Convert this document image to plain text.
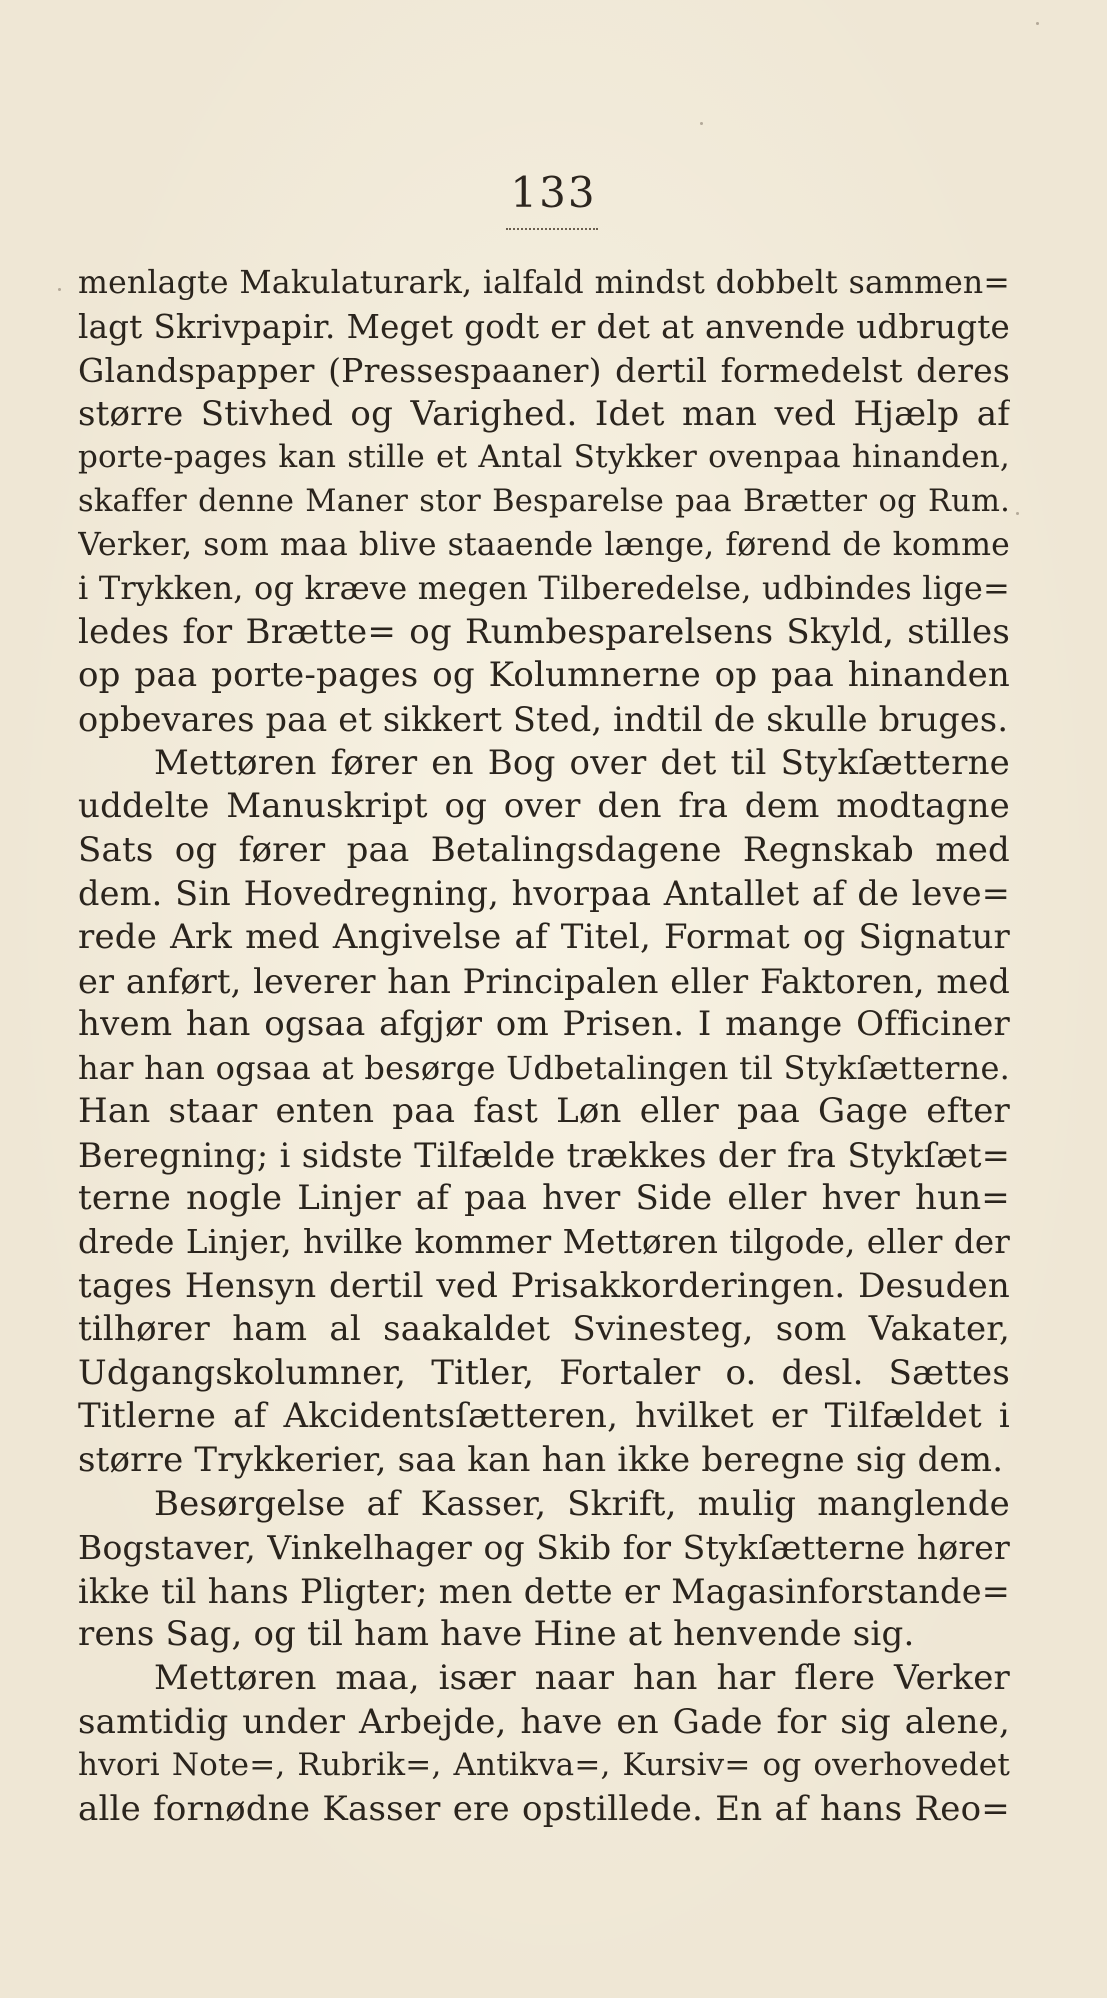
133
menlagte Makulaturark, ialfald mindst dobbelt sammen=
lagt Skrivpapir. Meget godt er det at anvende udbrugte
Glandspapper (Pressespaaner) dertil formedelst deres
større Stivhed og Varighed. Idet man ved Hjælp af
porte-pages kan stille et Antal Stykker ovenpaa hinanden,
skaffer denne Maner stor Besparelse paa Brætter og Rum.
Verker, som maa blive staaende længe, førend de komme
i Trykken, og kræve megen Tilberedelse, udbindes lige=
ledes for Brætte= og Rumbesparelsens Skyld, stilles
op paa porte-pages og Kolumnerne op paa hinanden
opbevares paa et sikkert Sted, indtil de skulle bruges.
Mettøren fører en Bog over det til Stykſætterne
uddelte Manuskript og over den fra dem modtagne
Sats og fører paa Betalingsdagene Regnskab med
dem. Sin Hovedregning, hvorpaa Antallet af de leve=
rede Ark med Angivelse af Titel, Format og Signatur
er anført, leverer han Principalen eller Faktoren, med
hvem han ogsaa afgjør om Prisen. I mange Officiner
har han ogsaa at besørge Udbetalingen til Stykſætterne.
Han staar enten paa fast Løn eller paa Gage efter
Beregning; i sidste Tilfælde trækkes der fra Stykſæt=
terne nogle Linjer af paa hver Side eller hver hun=
drede Linjer, hvilke kommer Mettøren tilgode, eller der
tages Hensyn dertil ved Prisakkorderingen. Desuden
tilhører ham al saakaldet Svinesteg, som Vakater,
Udgangskolumner, Titler, Fortaler o. desl. Sættes
Titlerne af Akcidentsſætteren, hvilket er Tilfældet i
større Trykkerier, saa kan han ikke beregne sig dem.
Besørgelse af Kasser, Skrift, mulig manglende
Bogstaver, Vinkelhager og Skib for Stykſætterne hører
ikke til hans Pligter; men dette er Magasinforstande=
rens Sag, og til ham have Hine at henvende sig.
Mettøren maa, især naar han har flere Verker
samtidig under Arbejde, have en Gade for sig alene,
hvori Note=, Rubrik=, Antikva=, Kursiv= og overhovedet
alle fornødne Kasser ere opstillede. En af hans Reo=
